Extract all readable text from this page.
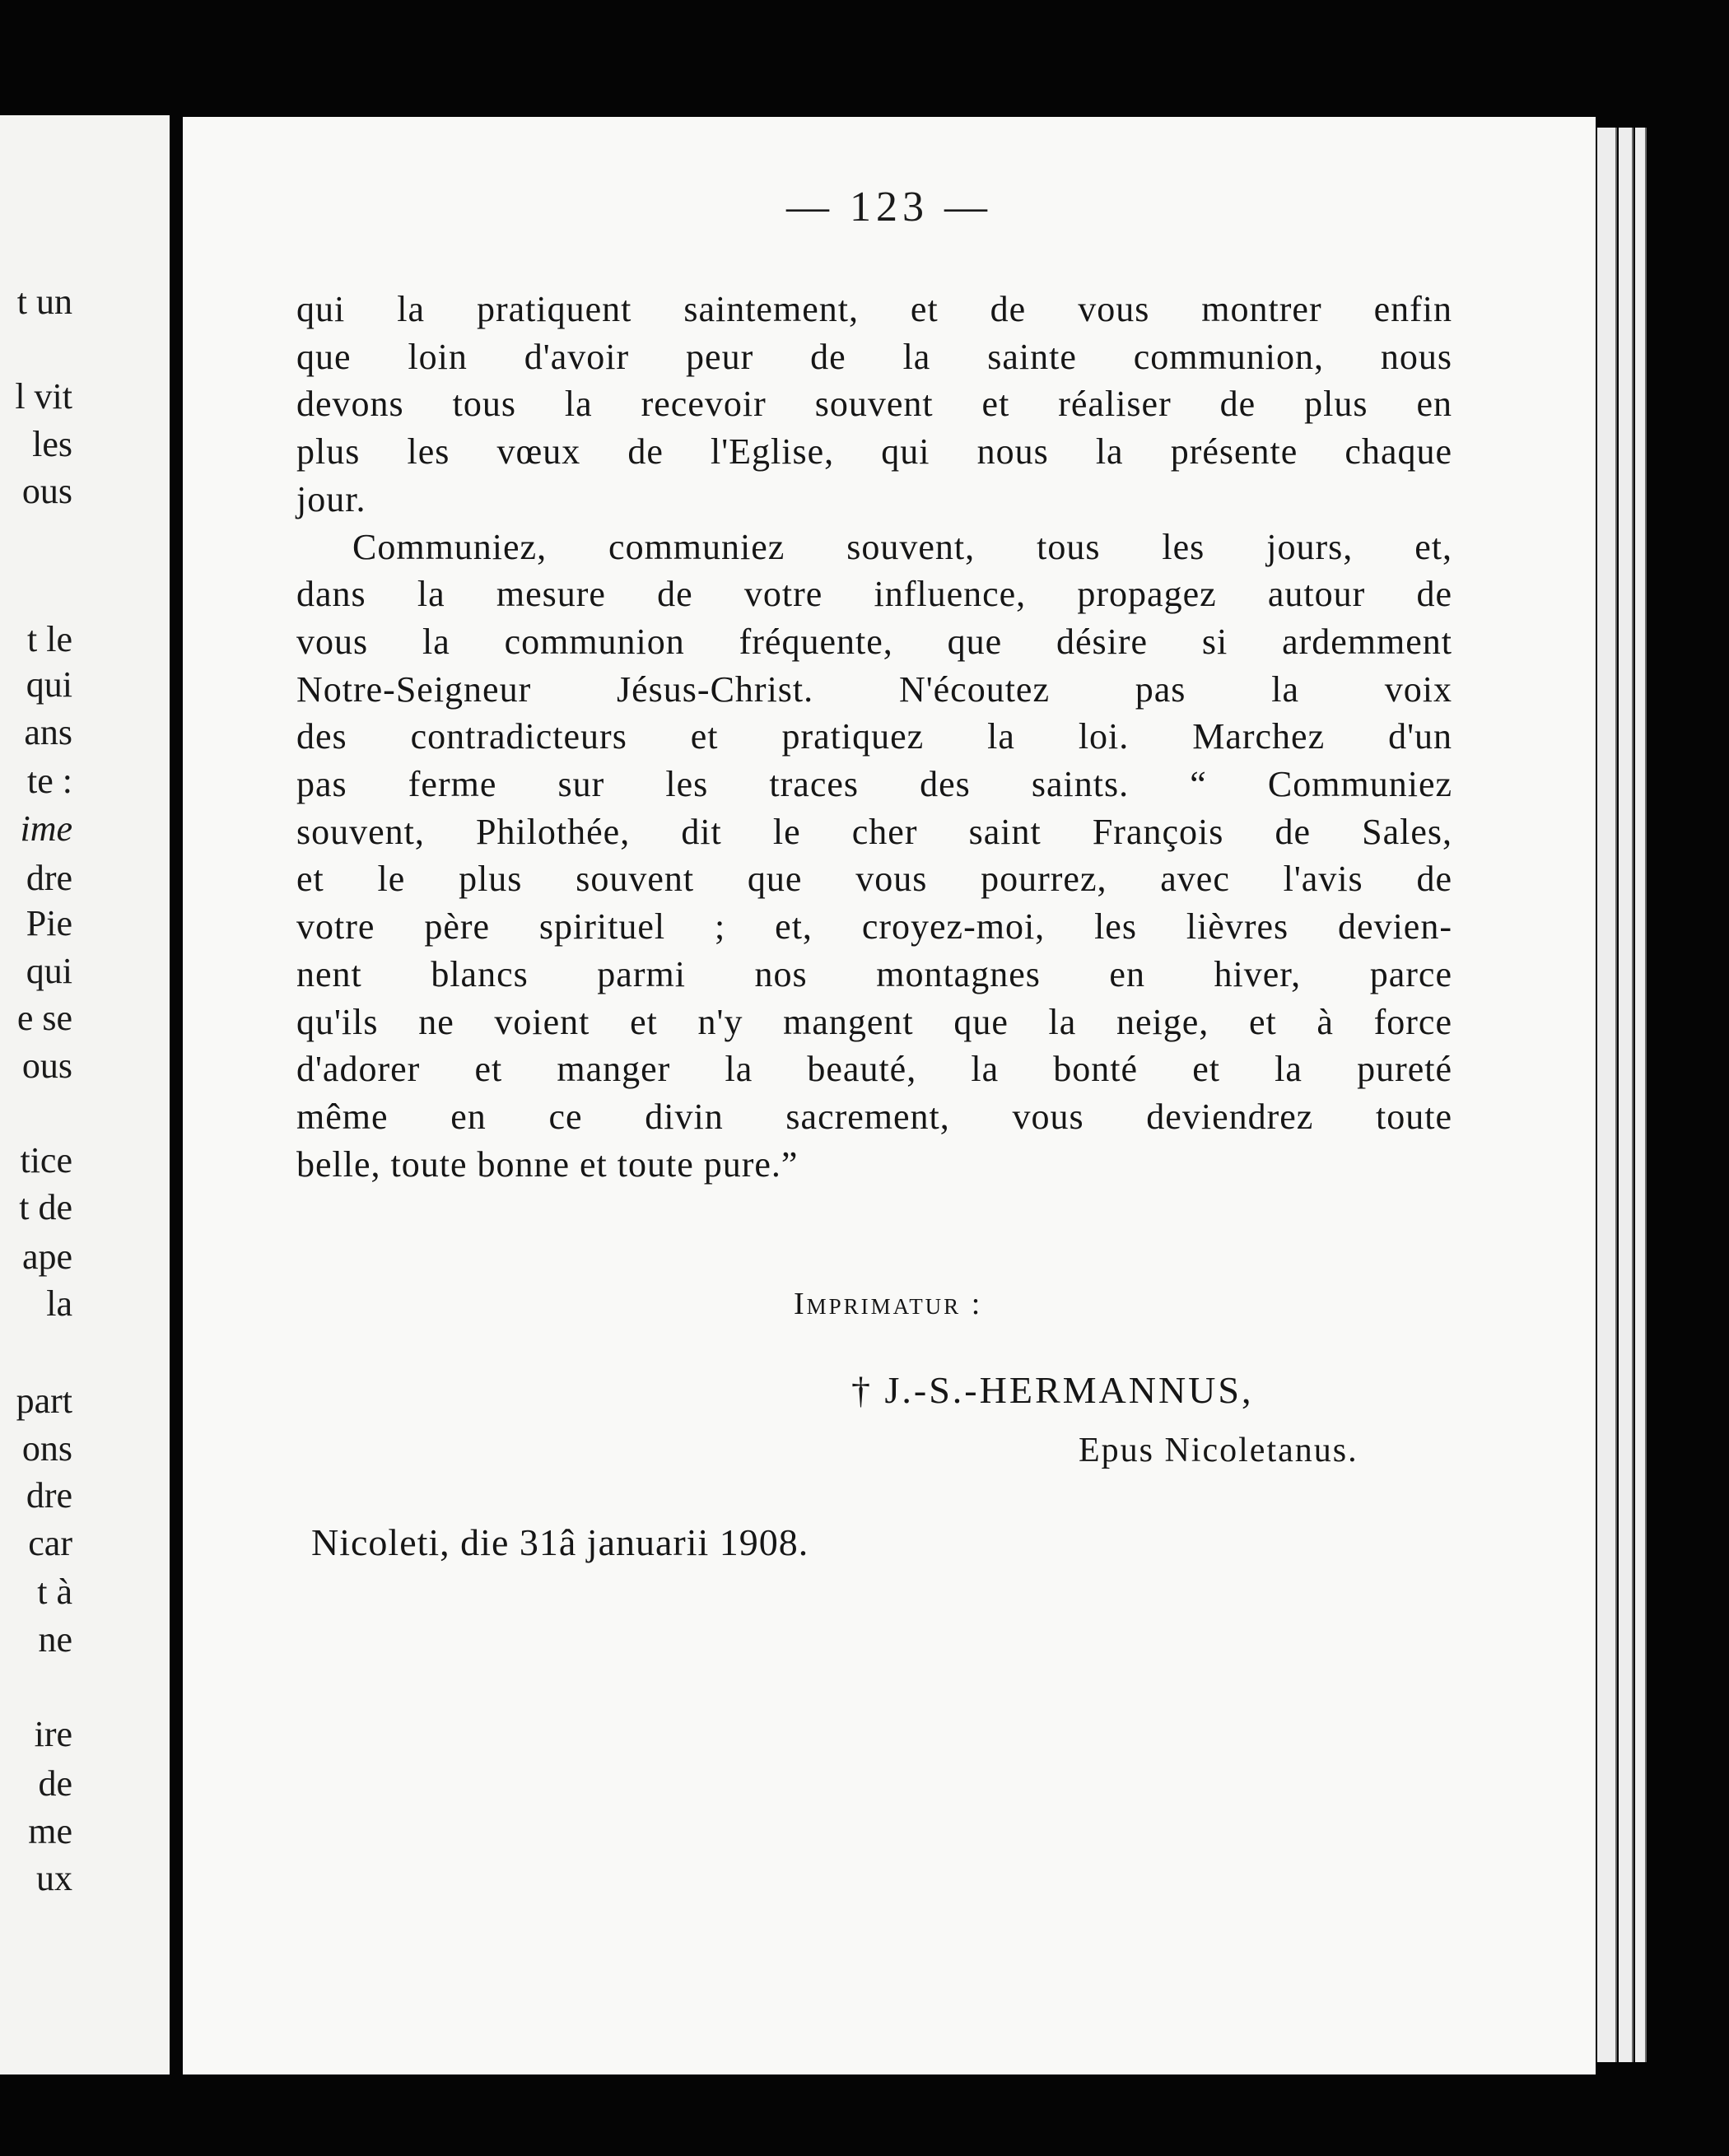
t un

l vit

les

ous

t le

qui

ans

te :

ime

dre

Pie

qui

e se

ous

tice

t de

ape

la

part

ons

dre

car

t à

ne

ire

de

me

ux

— 123 —

qui la pratiquent saintement, et de vous montrer enfin

que loin d'avoir peur de la sainte communion, nous

devons tous la recevoir souvent et réaliser de plus en

plus les vœux de l'Eglise, qui nous la présente chaque

jour.

Communiez, communiez souvent, tous les jours, et,

dans la mesure de votre influence, propagez autour de

vous la communion fréquente, que désire si ardemment

Notre-Seigneur Jésus-Christ. N'écoutez pas la voix

des contradicteurs et pratiquez la loi. Marchez d'un

pas ferme sur les traces des saints. “ Communiez

souvent, Philothée, dit le cher saint François de Sales,

et le plus souvent que vous pourrez, avec l'avis de

votre père spirituel ; et, croyez-moi, les lièvres devien-

nent blancs parmi nos montagnes en hiver, parce

qu'ils ne voient et n'y mangent que la neige, et à force

d'adorer et manger la beauté, la bonté et la pureté

même en ce divin sacrement, vous deviendrez toute

belle, toute bonne et toute pure.”

Imprimatur :

† J.-S.-HERMANNUS,

Epus Nicoletanus.

Nicoleti, die 31â januarii 1908.
